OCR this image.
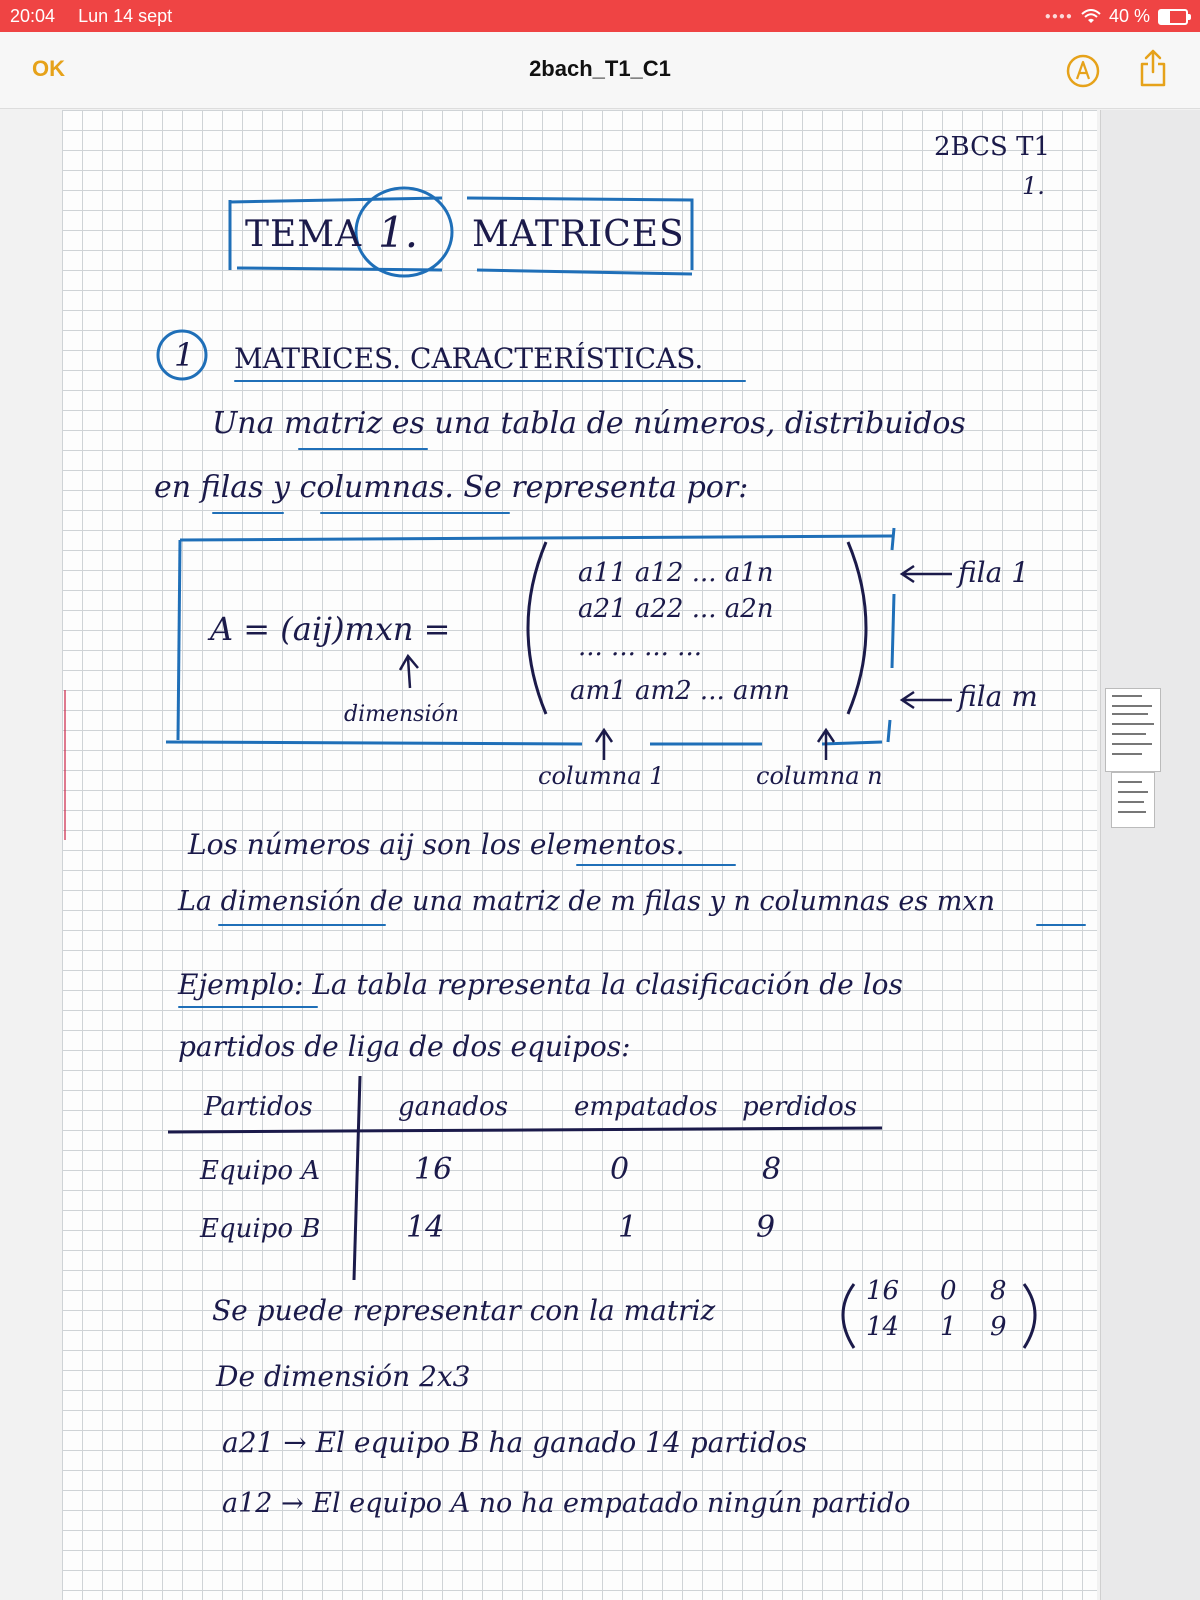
20:04 Lun 14 sept	●●●● 40 %
OK	2bach_T1_C1
2BCS T1
1.
TEMA 1. MATRICES
1 MATRICES. CARACTERÍSTICAS.
Una matriz es una tabla de números, distribuidos
en filas y columnas. Se representa por:
A = (aij)mxn =
dimensión
a11 a12 ... a1n
a21 a22 ... a2n
... ... ... ...
am1 am2 ... amn
fila 1
fila m
columna 1	columna n
Los números aij son los elementos.
La dimensión de una matriz de m filas y n columnas es mxn
Ejemplo: La tabla representa la clasificación de los
partidos de liga de dos equipos:
Partidos	ganados	empatados perdidos
Equipo A	16	0	8
Equipo B	14	1	9
Se puede representar con la matriz
16 0 8
14 1 9
De dimensión 2x3
a21 → El equipo B ha ganado 14 partidos
a12 → El equipo A no ha empatado ningún partido
